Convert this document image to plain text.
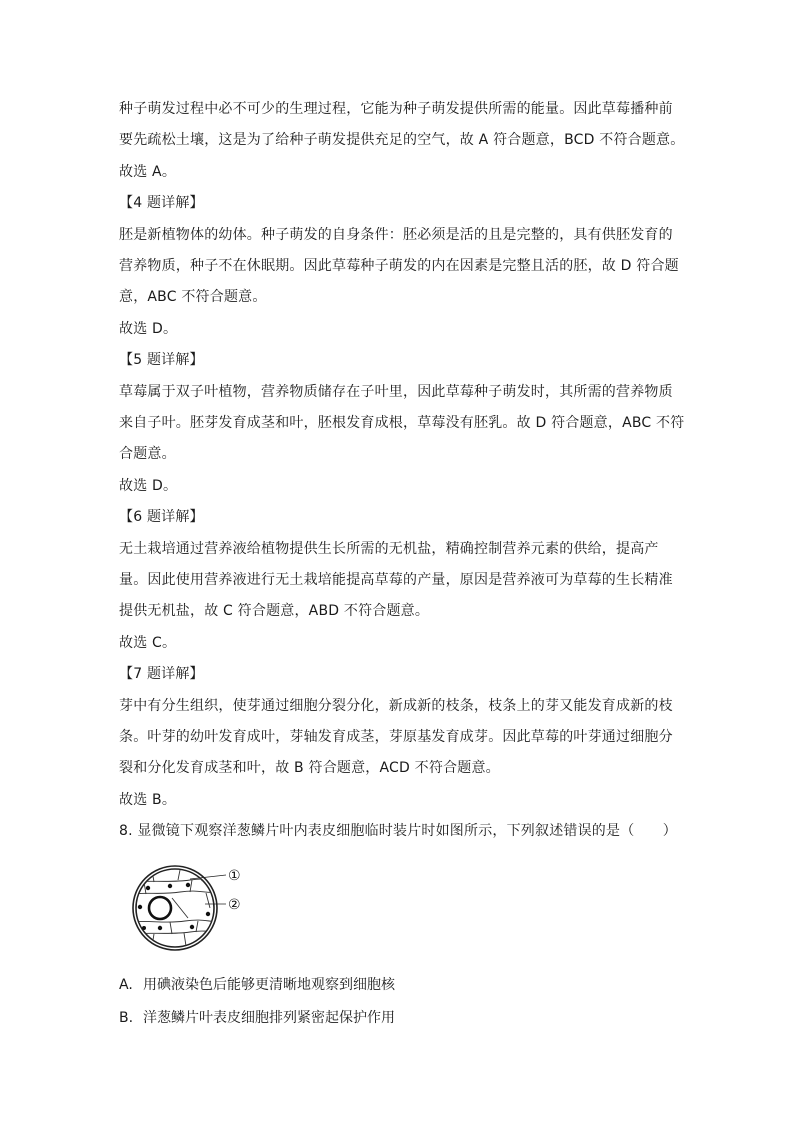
种子萌发过程中必不可少的生理过程，它能为种子萌发提供所需的能量。因此草莓播种前
要先疏松土壤，这是为了给种子萌发提供充足的空气，故 A 符合题意，BCD 不符合题意。
故选 A。
【4 题详解】
胚是新植物体的幼体。种子萌发的自身条件：胚必须是活的且是完整的，具有供胚发育的
营养物质，种子不在休眠期。因此草莓种子萌发的内在因素是完整且活的胚，故 D 符合题
意，ABC 不符合题意。
故选 D。
【5 题详解】
草莓属于双子叶植物，营养物质储存在子叶里，因此草莓种子萌发时，其所需的营养物质
来自子叶。胚芽发育成茎和叶，胚根发育成根，草莓没有胚乳。故 D 符合题意，ABC 不符
合题意。
故选 D。
【6 题详解】
无土栽培通过营养液给植物提供生长所需的无机盐，精确控制营养元素的供给，提高产
量。因此使用营养液进行无土栽培能提高草莓的产量，原因是营养液可为草莓的生长精准
提供无机盐，故 C 符合题意，ABD 不符合题意。
故选 C。
【7 题详解】
芽中有分生组织，使芽通过细胞分裂分化，新成新的枝条，枝条上的芽又能发育成新的枝
条。叶芽的幼叶发育成叶，芽轴发育成茎，芽原基发育成芽。因此草莓的叶芽通过细胞分
裂和分化发育成茎和叶，故 B 符合题意，ACD 不符合题意。
故选 B。
8. 显微镜下观察洋葱鳞片叶内表皮细胞临时装片时如图所示，下列叙述错误的是（　　）
①
②
A. 用碘液染色后能够更清晰地观察到细胞核
B. 洋葱鳞片叶表皮细胞排列紧密起保护作用
